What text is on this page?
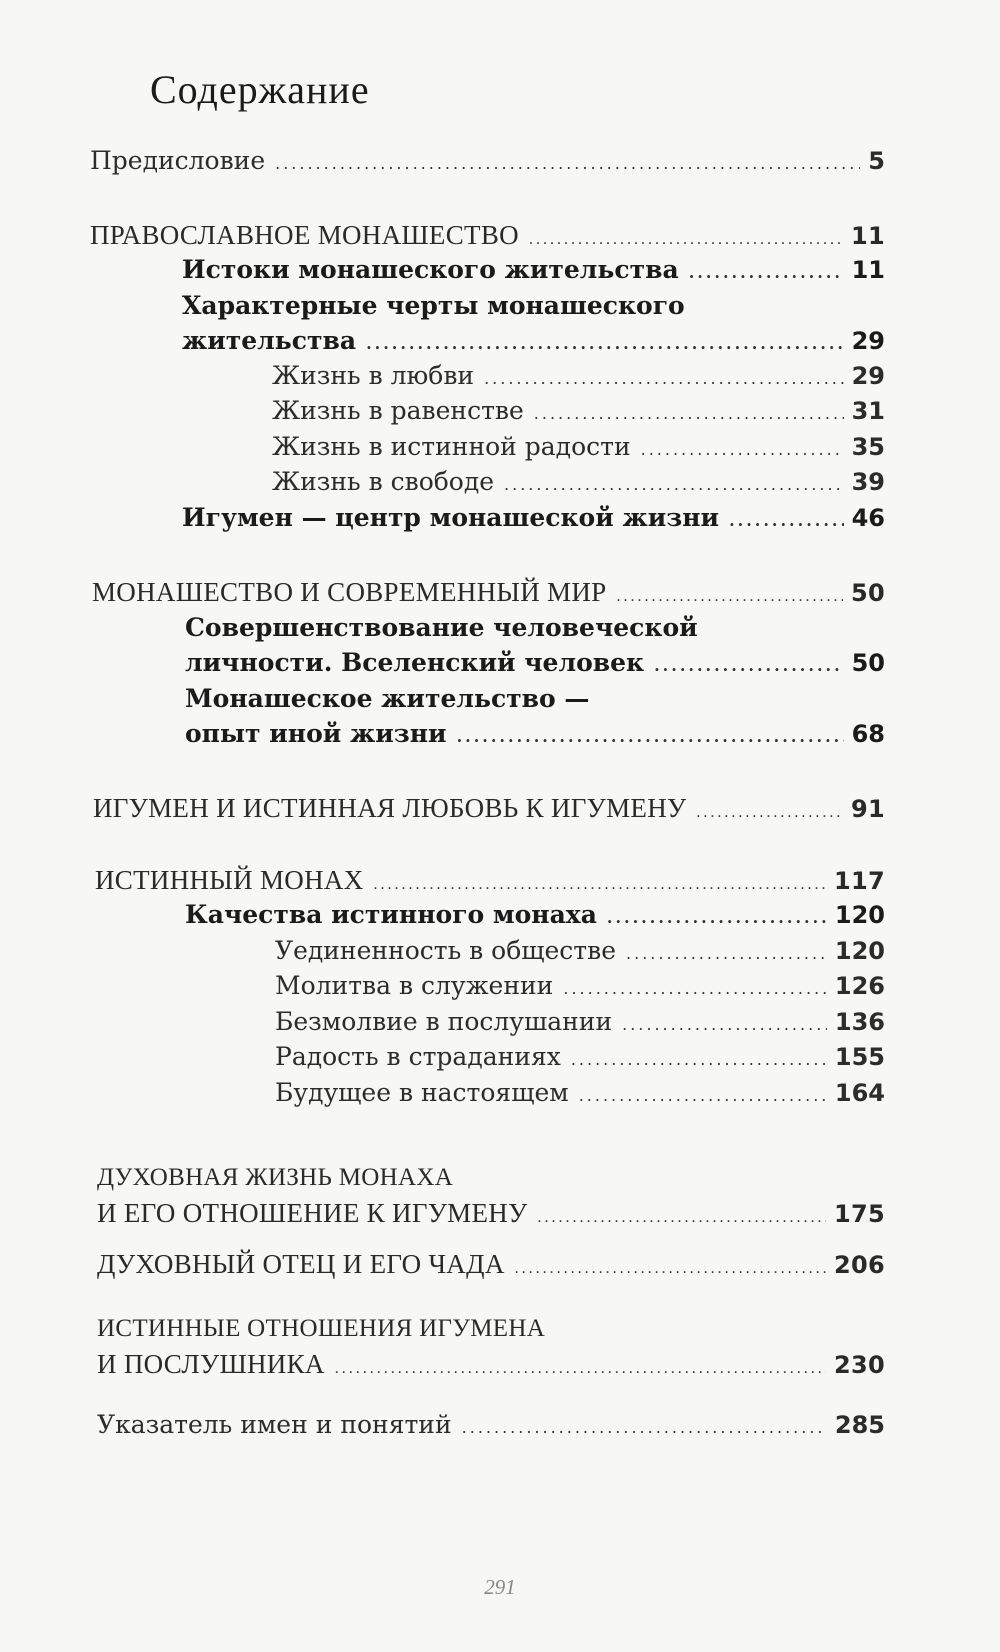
Содержание
Предисловие .....	5
ПРАВОСЛАВНОЕ МОНАШЕСТВО .....	11
Истоки монашеского жительства .....	11
Характерные черты монашеского
жительства .....	29
Жизнь в любви .....	29
Жизнь в равенстве .....	31
Жизнь в истинной радости .....	35
Жизнь в свободе .....	39
Игумен — центр монашеской жизни .....	46
МОНАШЕСТВО И СОВРЕМЕННЫЙ МИР .....	50
Совершенствование человеческой
личности. Вселенский человек .....	50
Монашеское жительство —
опыт иной жизни .....	68
ИГУМЕН И ИСТИННАЯ ЛЮБОВЬ К ИГУМЕНУ .....	91
ИСТИННЫЙ МОНАХ .....	117
Качества истинного монаха .....	120
Уединенность в обществе .....	120
Молитва в служении .....	126
Безмолвие в послушании .....	136
Радость в страданиях .....	155
Будущее в настоящем .....	164
ДУХОВНАЯ ЖИЗНЬ МОНАХА
И ЕГО ОТНОШЕНИЕ К ИГУМЕНУ .....	175
ДУХОВНЫЙ ОТЕЦ И ЕГО ЧАДА .....	206
ИСТИННЫЕ ОТНОШЕНИЯ ИГУМЕНА
И ПОСЛУШНИКА .....	230
Указатель имен и понятий .....	285
291
